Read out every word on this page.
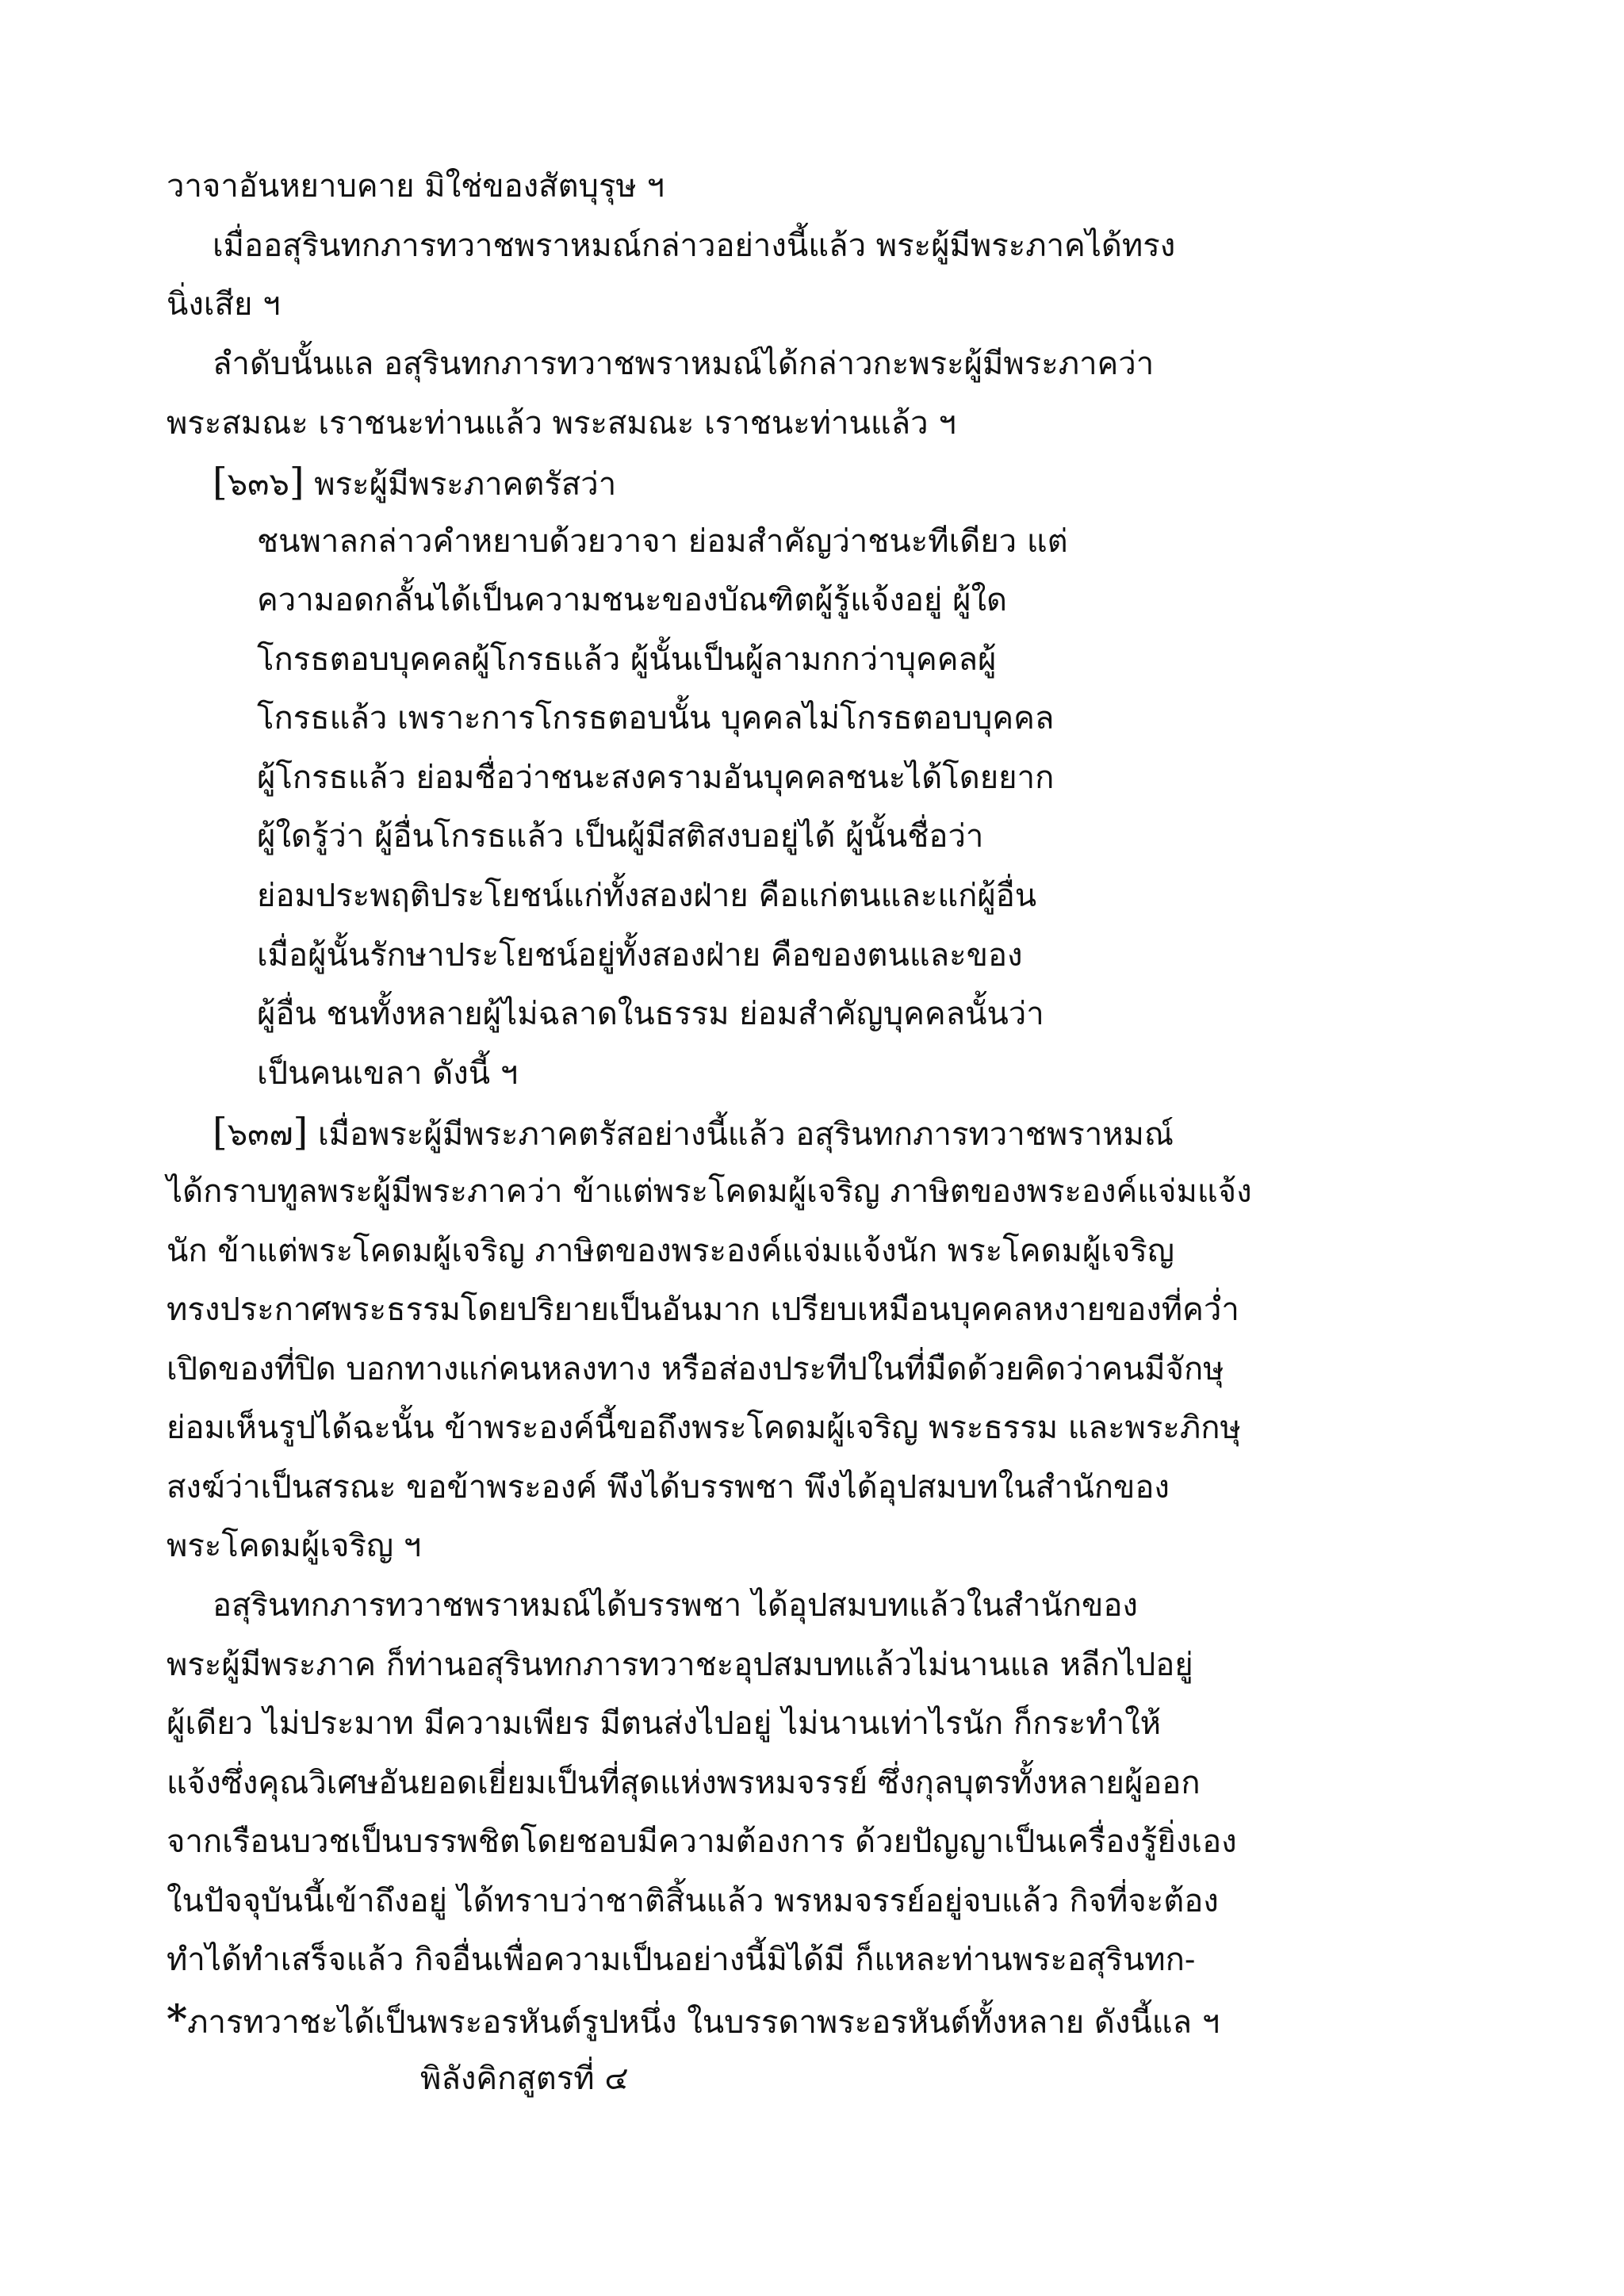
วาจาอันหยาบคาย มิใช่ของสัตบุรุษ ฯ
เมื่ออสุรินทกภารทวาชพราหมณ์กล่าวอย่างนี้แล้ว พระผู้มีพระภาคได้ทรง
นิ่งเสีย ฯ
ลำดับนั้นแล อสุรินทกภารทวาชพราหมณ์ได้กล่าวกะพระผู้มีพระภาคว่า
พระสมณะ เราชนะท่านแล้ว พระสมณะ เราชนะท่านแล้ว ฯ
[๖๓๖] พระผู้มีพระภาคตรัสว่า
ชนพาลกล่าวคำหยาบด้วยวาจา ย่อมสำคัญว่าชนะทีเดียว แต่
ความอดกลั้นได้เป็นความชนะของบัณฑิตผู้รู้แจ้งอยู่ ผู้ใด
โกรธตอบบุคคลผู้โกรธแล้ว ผู้นั้นเป็นผู้ลามกกว่าบุคคลผู้
โกรธแล้ว เพราะการโกรธตอบนั้น บุคคลไม่โกรธตอบบุคคล
ผู้โกรธแล้ว ย่อมชื่อว่าชนะสงครามอันบุคคลชนะได้โดยยาก
ผู้ใดรู้ว่า ผู้อื่นโกรธแล้ว เป็นผู้มีสติสงบอยู่ได้ ผู้นั้นชื่อว่า
ย่อมประพฤติประโยชน์แก่ทั้งสองฝ่าย คือแก่ตนและแก่ผู้อื่น
เมื่อผู้นั้นรักษาประโยชน์อยู่ทั้งสองฝ่าย คือของตนและของ
ผู้อื่น ชนทั้งหลายผู้ไม่ฉลาดในธรรม ย่อมสำคัญบุคคลนั้นว่า
เป็นคนเขลา ดังนี้ ฯ
[๖๓๗] เมื่อพระผู้มีพระภาคตรัสอย่างนี้แล้ว อสุรินทกภารทวาชพราหมณ์
ได้กราบทูลพระผู้มีพระภาคว่า ข้าแต่พระโคดมผู้เจริญ ภาษิตของพระองค์แจ่มแจ้ง
นัก ข้าแต่พระโคดมผู้เจริญ ภาษิตของพระองค์แจ่มแจ้งนัก พระโคดมผู้เจริญ
ทรงประกาศพระธรรมโดยปริยายเป็นอันมาก เปรียบเหมือนบุคคลหงายของที่คว่ำ
เปิดของที่ปิด บอกทางแก่คนหลงทาง หรือส่องประทีปในที่มืดด้วยคิดว่าคนมีจักษุ
ย่อมเห็นรูปได้ฉะนั้น ข้าพระองค์นี้ขอถึงพระโคดมผู้เจริญ พระธรรม และพระภิกษุ
สงฆ์ว่าเป็นสรณะ ขอข้าพระองค์ พึงได้บรรพชา พึงได้อุปสมบทในสำนักของ
พระโคดมผู้เจริญ ฯ
อสุรินทกภารทวาชพราหมณ์ได้บรรพชา ได้อุปสมบทแล้วในสำนักของ
พระผู้มีพระภาค ก็ท่านอสุรินทกภารทวาชะอุปสมบทแล้วไม่นานแล หลีกไปอยู่
ผู้เดียว ไม่ประมาท มีความเพียร มีตนส่งไปอยู่ ไม่นานเท่าไรนัก ก็กระทำให้
แจ้งซึ่งคุณวิเศษอันยอดเยี่ยมเป็นที่สุดแห่งพรหมจรรย์ ซึ่งกุลบุตรทั้งหลายผู้ออก
จากเรือนบวชเป็นบรรพชิตโดยชอบมีความต้องการ ด้วยปัญญาเป็นเครื่องรู้ยิ่งเอง
ในปัจจุบันนี้เข้าถึงอยู่ ได้ทราบว่าชาติสิ้นแล้ว พรหมจรรย์อยู่จบแล้ว กิจที่จะต้อง
ทำได้ทำเสร็จแล้ว กิจอื่นเพื่อความเป็นอย่างนี้มิได้มี ก็แหละท่านพระอสุรินทก-
*ภารทวาชะได้เป็นพระอรหันต์รูปหนึ่ง ในบรรดาพระอรหันต์ทั้งหลาย ดังนี้แล ฯ
พิลังคิกสูตรที่ ๔
